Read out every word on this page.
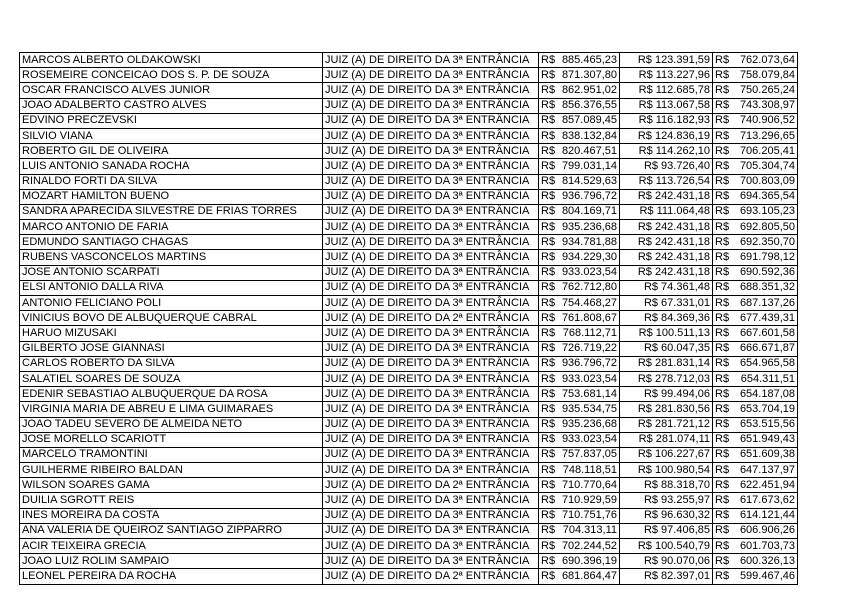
MARCOS ALBERTO OLDAKOWSKI	JUIZ (A) DE DIREITO DA 3ª ENTRÂNCIA	R$	885.465,23	R$ 123.391,59	R$	762.073,64
ROSEMEIRE CONCEICAO DOS S. P. DE SOUZA	JUIZ (A) DE DIREITO DA 3ª ENTRÂNCIA	R$	871.307,80	R$ 113.227,96	R$	758.079,84
OSCAR FRANCISCO ALVES JUNIOR	JUIZ (A) DE DIREITO DA 3ª ENTRÂNCIA	R$	862.951,02	R$ 112.685,78	R$	750.265,24
JOAO ADALBERTO CASTRO ALVES	JUIZ (A) DE DIREITO DA 3ª ENTRÂNCIA	R$	856.376,55	R$ 113.067,58	R$	743.308,97
EDVINO PRECZEVSKI	JUIZ (A) DE DIREITO DA 3ª ENTRÂNCIA	R$	857.089,45	R$ 116.182,93	R$	740.906,52
SILVIO VIANA	JUIZ (A) DE DIREITO DA 3ª ENTRÂNCIA	R$	838.132,84	R$ 124.836,19	R$	713.296,65
ROBERTO GIL DE OLIVEIRA	JUIZ (A) DE DIREITO DA 3ª ENTRÂNCIA	R$	820.467,51	R$ 114.262,10	R$	706.205,41
LUIS ANTONIO SANADA ROCHA	JUIZ (A) DE DIREITO DA 3ª ENTRÂNCIA	R$	799.031,14	R$ 93.726,40	R$	705.304,74
RINALDO FORTI DA SILVA	JUIZ (A) DE DIREITO DA 3ª ENTRÂNCIA	R$	814.529,63	R$ 113.726,54	R$	700.803,09
MOZART HAMILTON BUENO	JUIZ (A) DE DIREITO DA 3ª ENTRÂNCIA	R$	936.796,72	R$ 242.431,18	R$	694.365,54
SANDRA APARECIDA SILVESTRE DE FRIAS TORRES	JUIZ (A) DE DIREITO DA 3ª ENTRÂNCIA	R$	804.169,71	R$ 111.064,48	R$	693.105,23
MARCO ANTONIO DE FARIA	JUIZ (A) DE DIREITO DA 3ª ENTRÂNCIA	R$	935.236,68	R$ 242.431,18	R$	692.805,50
EDMUNDO SANTIAGO CHAGAS	JUIZ (A) DE DIREITO DA 3ª ENTRÂNCIA	R$	934.781,88	R$ 242.431,18	R$	692.350,70
RUBENS VASCONCELOS MARTINS	JUIZ (A) DE DIREITO DA 3ª ENTRÂNCIA	R$	934.229,30	R$ 242.431,18	R$	691.798,12
JOSE ANTONIO SCARPATI	JUIZ (A) DE DIREITO DA 3ª ENTRÂNCIA	R$	933.023,54	R$ 242.431,18	R$	690.592,36
ELSI ANTONIO DALLA RIVA	JUIZ (A) DE DIREITO DA 3ª ENTRÂNCIA	R$	762.712,80	R$ 74.361,48	R$	688.351,32
ANTONIO FELICIANO POLI	JUIZ (A) DE DIREITO DA 3ª ENTRÂNCIA	R$	754.468,27	R$ 67.331,01	R$	687.137,26
VINICIUS BOVO DE ALBUQUERQUE CABRAL	JUIZ (A) DE DIREITO DA 2ª ENTRÂNCIA	R$	761.808,67	R$ 84.369,36	R$	677.439,31
HARUO MIZUSAKI	JUIZ (A) DE DIREITO DA 3ª ENTRÂNCIA	R$	768.112,71	R$ 100.511,13	R$	667.601,58
GILBERTO JOSE GIANNASI	JUIZ (A) DE DIREITO DA 3ª ENTRÂNCIA	R$	726.719,22	R$ 60.047,35	R$	666.671,87
CARLOS ROBERTO DA SILVA	JUIZ (A) DE DIREITO DA 3ª ENTRÂNCIA	R$	936.796,72	R$ 281.831,14	R$	654.965,58
SALATIEL SOARES DE SOUZA	JUIZ (A) DE DIREITO DA 3ª ENTRÂNCIA	R$	933.023,54	R$ 278.712,03	R$	654.311,51
EDENIR SEBASTIAO ALBUQUERQUE DA ROSA	JUIZ (A) DE DIREITO DA 3ª ENTRÂNCIA	R$	753.681,14	R$ 99.494,06	R$	654.187,08
VIRGINIA MARIA DE ABREU E LIMA GUIMARAES	JUIZ (A) DE DIREITO DA 3ª ENTRÂNCIA	R$	935.534,75	R$ 281.830,56	R$	653.704,19
JOAO TADEU SEVERO DE ALMEIDA NETO	JUIZ (A) DE DIREITO DA 3ª ENTRÂNCIA	R$	935.236,68	R$ 281.721,12	R$	653.515,56
JOSE MORELLO SCARIOTT	JUIZ (A) DE DIREITO DA 3ª ENTRÂNCIA	R$	933.023,54	R$ 281.074,11	R$	651.949,43
MARCELO TRAMONTINI	JUIZ (A) DE DIREITO DA 3ª ENTRÂNCIA	R$	757.837,05	R$ 106.227,67	R$	651.609,38
GUILHERME RIBEIRO BALDAN	JUIZ (A) DE DIREITO DA 3ª ENTRÂNCIA	R$	748.118,51	R$ 100.980,54	R$	647.137,97
WILSON SOARES GAMA	JUIZ (A) DE DIREITO DA 2ª ENTRÂNCIA	R$	710.770,64	R$ 88.318,70	R$	622.451,94
DUILIA SGROTT REIS	JUIZ (A) DE DIREITO DA 3ª ENTRÂNCIA	R$	710.929,59	R$ 93.255,97	R$	617.673,62
INES MOREIRA DA COSTA	JUIZ (A) DE DIREITO DA 3ª ENTRÂNCIA	R$	710.751,76	R$ 96.630,32	R$	614.121,44
ANA VALERIA DE QUEIROZ SANTIAGO ZIPPARRO	JUIZ (A) DE DIREITO DA 3ª ENTRÂNCIA	R$	704.313,11	R$ 97.406,85	R$	606.906,26
ACIR TEIXEIRA GRECIA	JUIZ (A) DE DIREITO DA 3ª ENTRÂNCIA	R$	702.244,52	R$ 100.540,79	R$	601.703,73
JOAO LUIZ ROLIM SAMPAIO	JUIZ (A) DE DIREITO DA 3ª ENTRÂNCIA	R$	690.396,19	R$ 90.070,06	R$	600.326,13
LEONEL PEREIRA DA ROCHA	JUIZ (A) DE DIREITO DA 2ª ENTRÂNCIA	R$	681.864,47	R$ 82.397,01	R$	599.467,46
